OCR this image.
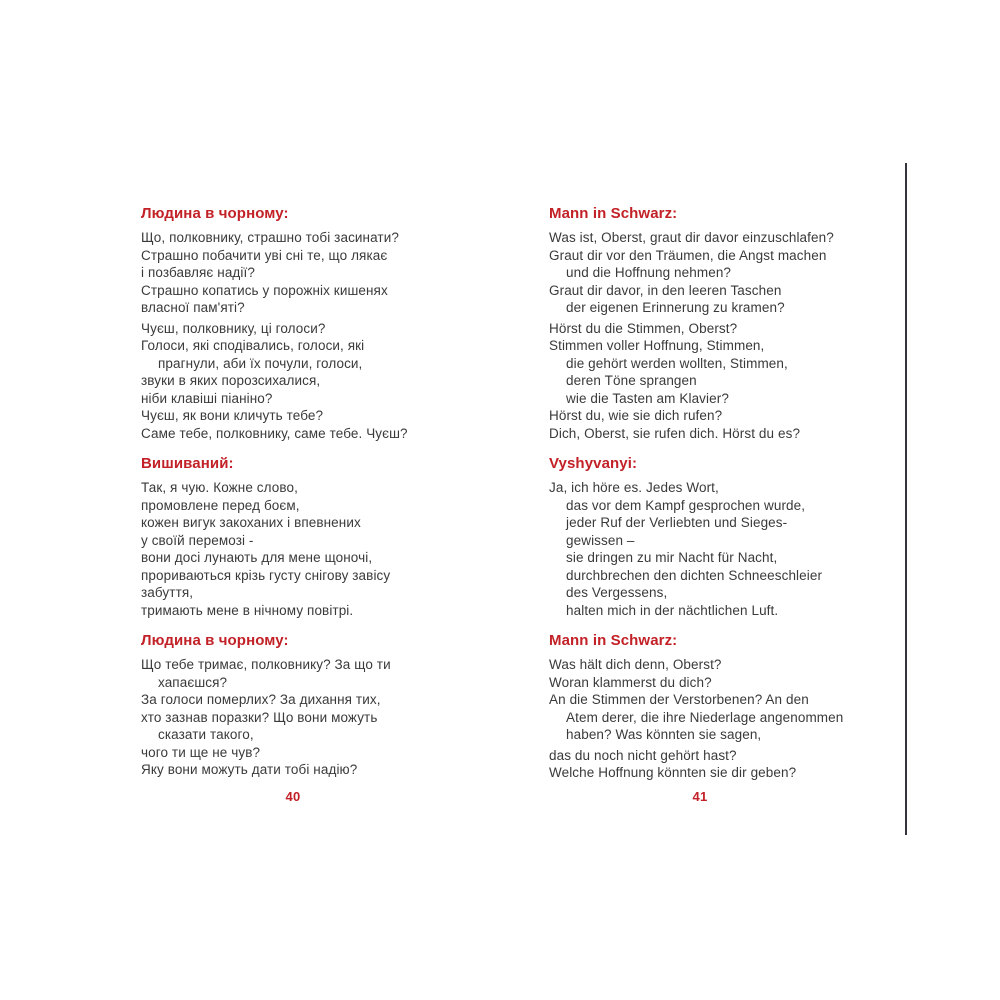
Людина в чорному:
Що, полковнику, страшно тобі засинати?
Страшно побачити уві сні те, що лякає
і позбавляє надії?
Страшно копатись у порожніх кишенях
власної пам'яті?
Чуєш, полковнику, ці голоси?
Голоси, які сподівались, голоси, які
прагнули, аби їх почули, голоси,
звуки в яких порозсихалися,
ніби клавіші піаніно?
Чуєш, як вони кличуть тебе?
Саме тебе, полковнику, саме тебе. Чуєш?
Вишиваний:
Так, я чую. Кожне слово,
промовлене перед боєм,
кожен вигук закоханих і впевнених
у своїй перемозі -
вони досі лунають для мене щоночі,
прориваються крізь густу снігову завісу
забуття,
тримають мене в нічному повітрі.
Людина в чорному:
Що тебе тримає, полковнику? За що ти
хапаєшся?
За голоси померлих? За дихання тих,
хто зазнав поразки? Що вони можуть
сказати такого,
чого ти ще не чув?
Яку вони можуть дати тобі надію?
Mann in Schwarz:
Was ist, Oberst, graut dir davor einzuschlafen?
Graut dir vor den Träumen, die Angst machen
und die Hoffnung nehmen?
Graut dir davor, in den leeren Taschen
der eigenen Erinnerung zu kramen?
Hörst du die Stimmen, Oberst?
Stimmen voller Hoffnung, Stimmen,
die gehört werden wollten, Stimmen,
deren Töne sprangen
wie die Tasten am Klavier?
Hörst du, wie sie dich rufen?
Dich, Oberst, sie rufen dich. Hörst du es?
Vyshyvanyi:
Ja, ich höre es. Jedes Wort,
das vor dem Kampf gesprochen wurde,
jeder Ruf der Verliebten und Sieges-
gewissen –
sie dringen zu mir Nacht für Nacht,
durchbrechen den dichten Schneeschleier
des Vergessens,
halten mich in der nächtlichen Luft.
Mann in Schwarz:
Was hält dich denn, Oberst?
Woran klammerst du dich?
An die Stimmen der Verstorbenen? An den
Atem derer, die ihre Niederlage angenommen
haben? Was könnten sie sagen,
das du noch nicht gehört hast?
Welche Hoffnung könnten sie dir geben?
40	41
